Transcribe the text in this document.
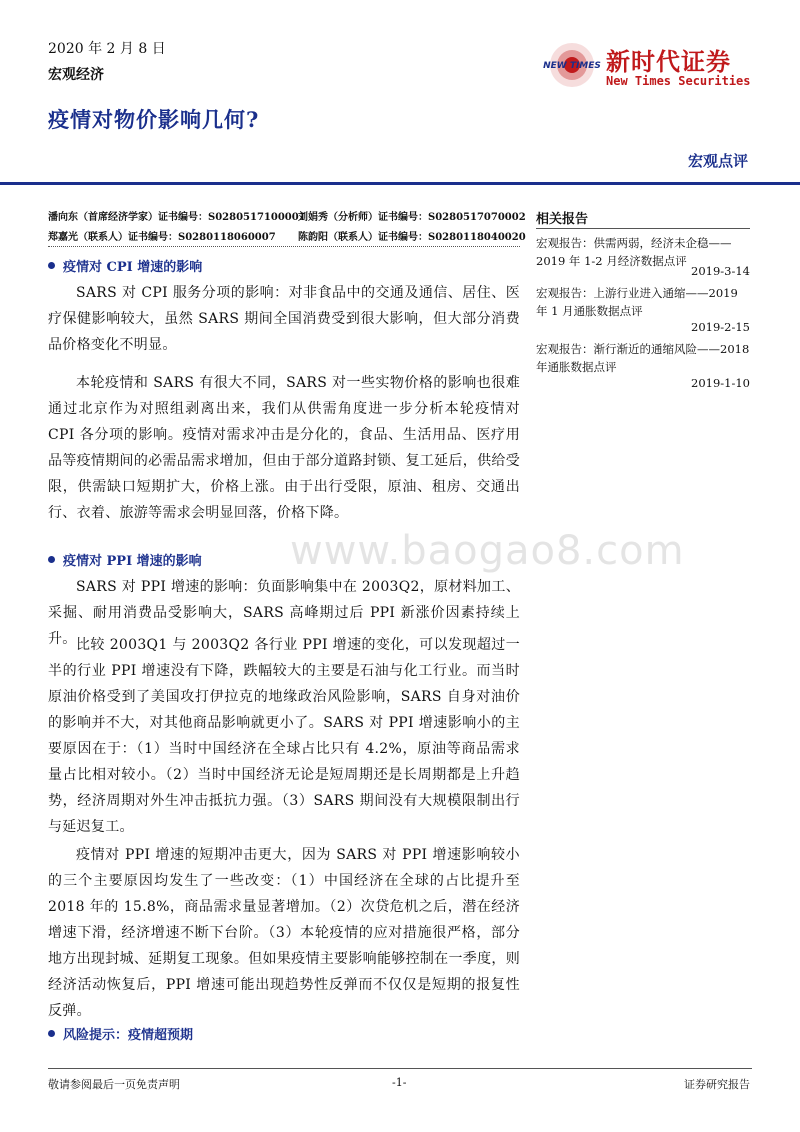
2020 年 2 月 8 日
宏观经济
疫情对物价影响几何?
NEW TIMES 新时代证券
New Times Securities
宏观点评
潘向东（首席经济学家）证书编号：S0280517100001
刘娟秀（分析师）证书编号：S0280517070002
郑嘉光（联系人）证书编号：S0280118060007 陈韵阳（联系人）证书编号：S0280118040020
疫情对 CPI 增速的影响
SARS 对 CPI 服务分项的影响：对非食品中的交通及通信、居住、医疗保健影响较大，虽然 SARS 期间全国消费受到很大影响，但大部分消费品价格变化不明显。
本轮疫情和 SARS 有很大不同，SARS 对一些实物价格的影响也很难通过北京作为对照组剥离出来，我们从供需角度进一步分析本轮疫情对 CPI 各分项的影响。疫情对需求冲击是分化的，食品、生活用品、医疗用品等疫情期间的必需品需求增加，但由于部分道路封锁、复工延后，供给受限，供需缺口短期扩大，价格上涨。由于出行受限，原油、租房、交通出行、衣着、旅游等需求会明显回落，价格下降。
疫情对 PPI 增速的影响
SARS 对 PPI 增速的影响：负面影响集中在 2003Q2，原材料加工、采掘、耐用消费品受影响大，SARS 高峰期过后 PPI 新涨价因素持续上升。 比较 2003Q1 与 2003Q2 各行业 PPI 增速的变化，可以发现超过一半的行业 PPI 增速没有下降，跌幅较大的主要是石油与化工行业。而当时原油价格受到了美国攻打伊拉克的地缘政治风险影响，SARS 自身对油价的影响并不大，对其他商品影响就更小了。SARS 对 PPI 增速影响小的主要原因在于：（1）当时中国经济在全球占比只有 4.2%，原油等商品需求量占比相对较小。（2）当时中国经济无论是短周期还是长周期都是上升趋势，经济周期对外生冲击抵抗力强。（3）SARS 期间没有大规模限制出行与延迟复工。
疫情对 PPI 增速的短期冲击更大，因为 SARS 对 PPI 增速影响较小的三个主要原因均发生了一些改变：（1）中国经济在全球的占比提升至 2018 年的 15.8%，商品需求量显著增加。（2）次贷危机之后，潜在经济增速下滑，经济增速不断下台阶。（3）本轮疫情的应对措施很严格，部分地方出现封城、延期复工现象。但如果疫情主要影响能够控制在一季度，则经济活动恢复后，PPI 增速可能出现趋势性反弹而不仅仅是短期的报复性反弹。
风险提示：疫情超预期
相关报告
宏观报告：供需两弱，经济未企稳——2019 年 1-2 月经济数据点评
2019-3-14
宏观报告：上游行业进入通缩——2019 年 1 月通胀数据点评
2019-2-15
宏观报告：渐行渐近的通缩风险——2018 年通胀数据点评
2019-1-10
www.baogao8.com
敬请参阅最后一页免责声明	-1-	证券研究报告
